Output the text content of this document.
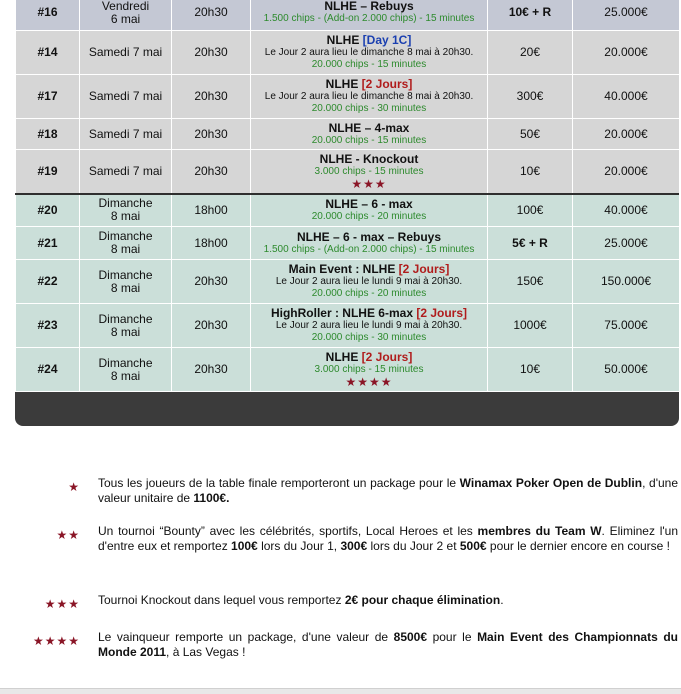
#16	Vendredi
6 mai	20h30	NLHE – Rebuys
1.500 chips - (Add-on 2.000 chips) - 15 minutes	10€ + R	25.000€
#14	Samedi 7 mai	20h30	NLHE [Day 1C]
Le Jour 2 aura lieu le dimanche 8 mai à 20h30.
20.000 chips - 15 minutes	20€	20.000€
#17	Samedi 7 mai	20h30	NLHE [2 Jours]
Le Jour 2 aura lieu le dimanche 8 mai à 20h30.
20.000 chips - 30 minutes	300€	40.000€
#18	Samedi 7 mai	20h30	NLHE – 4-max
20.000 chips - 15 minutes	50€	20.000€
#19	Samedi 7 mai	20h30	NLHE - Knockout
3.000 chips - 15 minutes
★★★	10€	20.000€
#20	Dimanche
8 mai	18h00	NLHE – 6 - max
20.000 chips - 20 minutes	100€	40.000€
#21	Dimanche
8 mai	18h00	NLHE – 6 - max – Rebuys
1.500 chips - (Add-on 2.000 chips) - 15 minutes	5€ + R	25.000€
#22	Dimanche
8 mai	20h30	Main Event : NLHE [2 Jours]
Le Jour 2 aura lieu le lundi 9 mai à 20h30.
20.000 chips - 20 minutes	150€	150.000€
#23	Dimanche
8 mai	20h30	HighRoller : NLHE 6-max [2 Jours]
Le Jour 2 aura lieu le lundi 9 mai à 20h30.
20.000 chips - 30 minutes	1000€	75.000€
#24	Dimanche
8 mai	20h30	NLHE [2 Jours]
3.000 chips - 15 minutes
★★★★	10€	50.000€
★ Tous les joueurs de la table finale remporteront un package pour le Winamax Poker Open de Dublin, d'une valeur unitaire de 1100€.
★★ Un tournoi “Bounty” avec les célébrités, sportifs, Local Heroes et les membres du Team W. Eliminez l'un d'entre eux et remportez 100€ lors du Jour 1, 300€ lors du Jour 2 et 500€ pour le dernier encore en course !
★★★ Tournoi Knockout dans lequel vous remportez 2€ pour chaque élimination.
★★★★ Le vainqueur remporte un package, d'une valeur de 8500€ pour le Main Event des Championnats du Monde 2011, à Las Vegas !
